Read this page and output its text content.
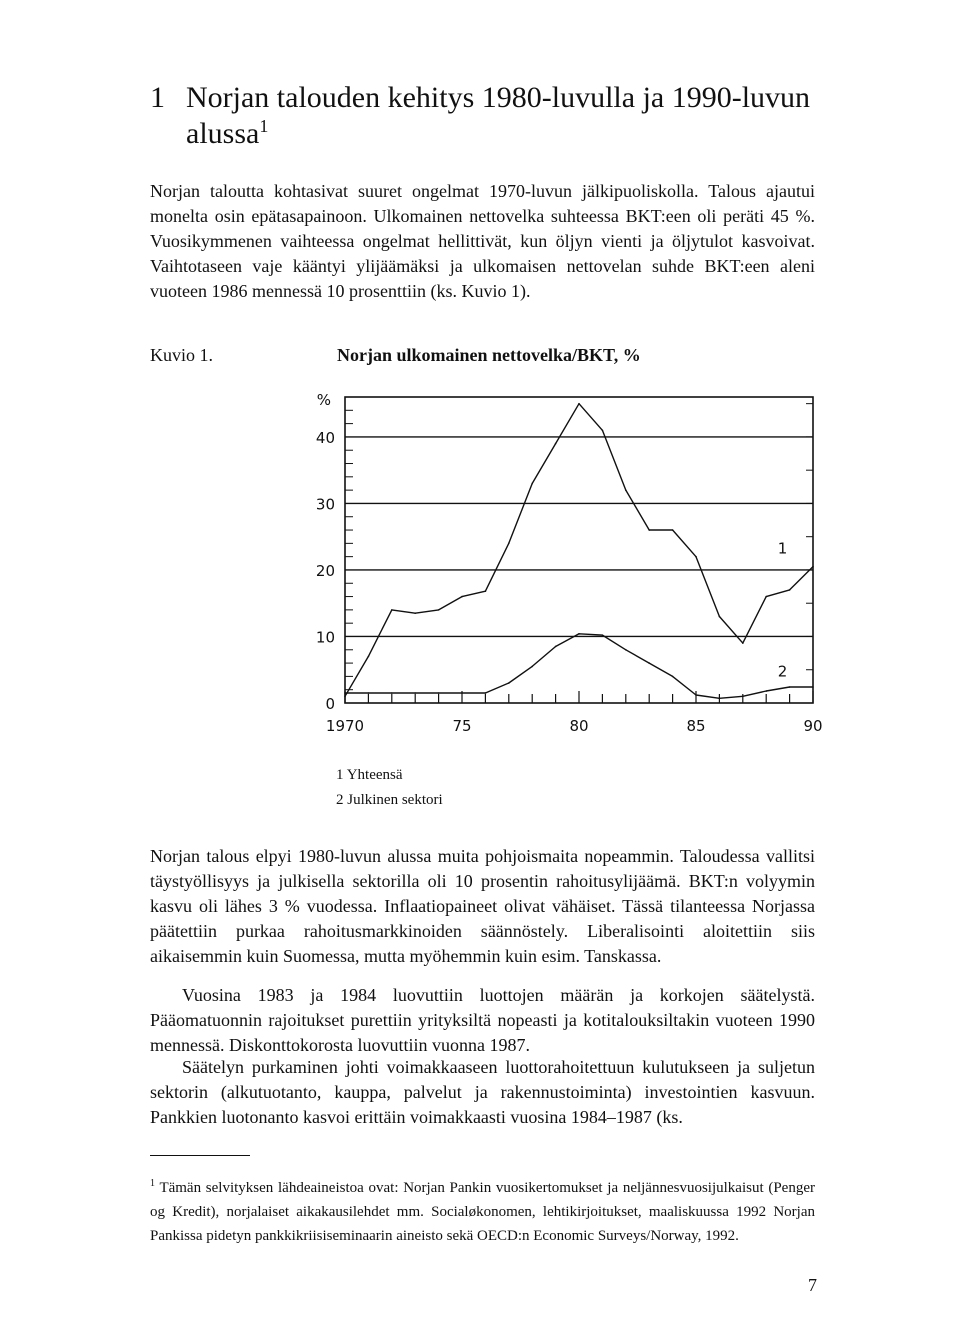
1 Norjan talouden kehitys 1980-luvulla ja 1990-luvun
alussa$^1$

Norjan taloutta kohtasivat suuret ongelmat 1970-luvun jälkipuoliskolla. Talous ajautui monelta osin epätasapainoon. Ulkomainen nettovelka suhteessa BKT:een oli peräti 45 %. Vuosikymmenen vaihteessa ongelmat hellittivät, kun öljyn vienti ja öljytulot kasvoivat. Vaihtotaseen vaje kääntyi ylijäämäksi ja ulkomaisen nettovelan suhde BKT:een aleni vuoteen 1986 mennessä 10 prosenttiin (ks. Kuvio 1).

Kuvio 1.	Norjan ulkomainen nettovelka/BKT, %
0
10
20
30
40
%
1970	75	80	85	90
1
2
1 Yhteensä
2 Julkinen sektori

Norjan talous elpyi 1980-luvun alussa muita pohjoismaita nopeammin. Taloudessa vallitsi täystyöllisyys ja julkisella sektorilla oli 10 prosentin rahoitusylijäämä. BKT:n volyymin kasvu oli lähes 3 % vuodessa. Inflaatiopaineet olivat vähäiset. Tässä tilanteessa Norjassa päätettiin purkaa rahoitusmarkkinoiden säännöstely. Liberalisointi aloitettiin siis aikaisemmin kuin Suomessa, mutta myöhemmin kuin esim. Tanskassa.

Vuosina 1983 ja 1984 luovuttiin luottojen määrän ja korkojen säätelystä. Pääomatuonnin rajoitukset purettiin yrityksiltä nopeasti ja kotitalouksiltakin vuoteen 1990 mennessä. Diskonttokorosta luovuttiin vuonna 1987.

Säätelyn purkaminen johti voimakkaaseen luottorahoitettuun kulutukseen ja suljetun sektorin (alkutuotanto, kauppa, palvelut ja rakennustoiminta) investointien kasvuun. Pankkien luotonanto kasvoi erittäin voimakkaasti vuosina 1984–1987 (ks.

$^1$ Tämän selvityksen lähdeaineistoa ovat: Norjan Pankin vuosikertomukset ja neljännesvuosijulkaisut (Penger og Kredit), norjalaiset aikakausilehdet mm. Socialøkonomen, lehtikirjoitukset, maaliskuussa 1992 Norjan Pankissa pidetyn pankkikriisiseminaarin aineisto sekä OECD:n Economic Surveys/Norway, 1992.

7
